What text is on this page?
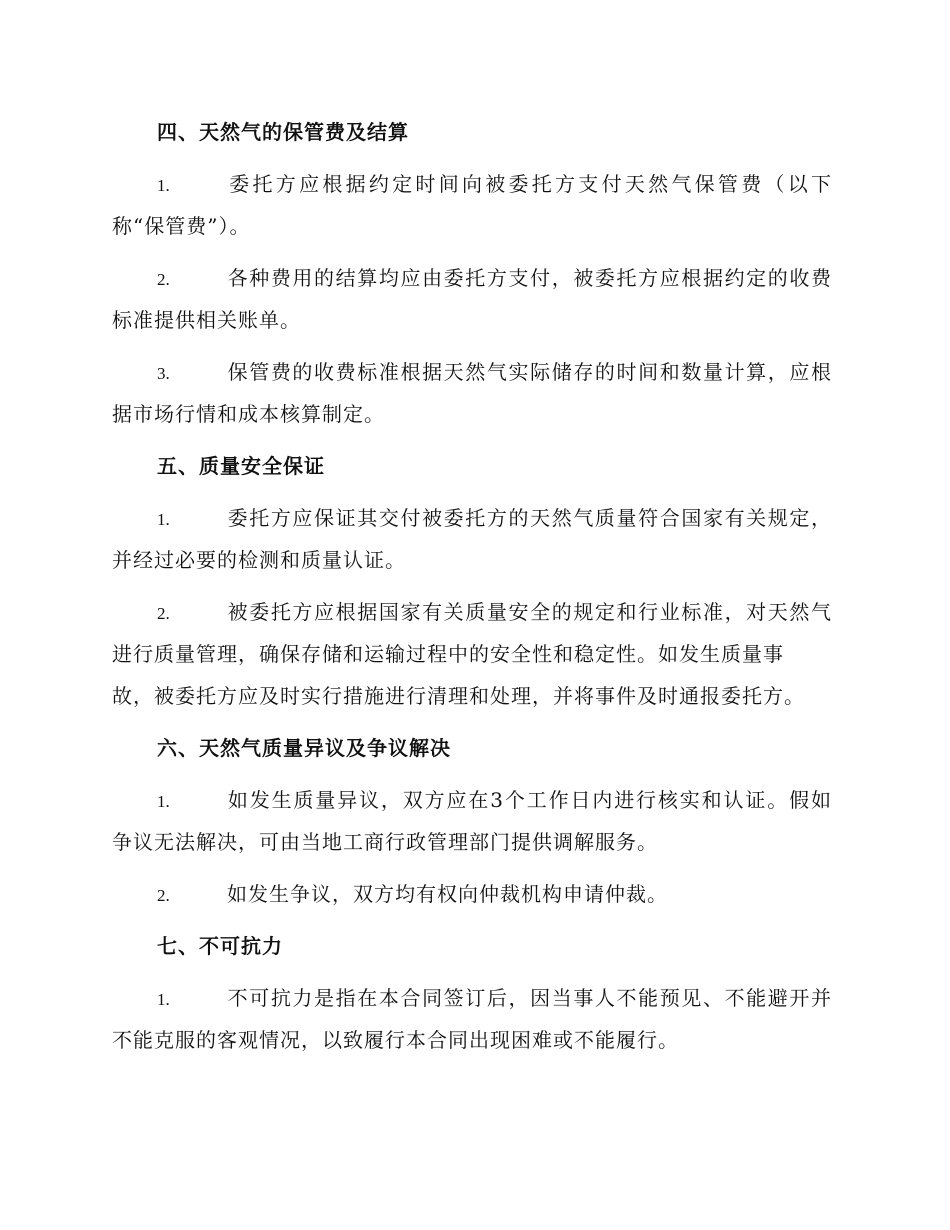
四、天然气的保管费及结算
1.	委托方应根据约定时间向被委托方支付天然气保管费（以下
称“保管费”）。
2.	各种费用的结算均应由委托方支付，被委托方应根据约定的收费
标准提供相关账单。
3.	保管费的收费标准根据天然气实际储存的时间和数量计算，应根
据市场行情和成本核算制定。
五、质量安全保证
1.	委托方应保证其交付被委托方的天然气质量符合国家有关规定，
并经过必要的检测和质量认证。
2.	被委托方应根据国家有关质量安全的规定和行业标准，对天然气
进行质量管理，确保存储和运输过程中的安全性和稳定性。如发生质量事
故，被委托方应及时实行措施进行清理和处理，并将事件及时通报委托方。
六、天然气质量异议及争议解决
1.	如发生质量异议，双方应在3个工作日内进行核实和认证。假如
争议无法解决，可由当地工商行政管理部门提供调解服务。
2.	如发生争议，双方均有权向仲裁机构申请仲裁。
七、不可抗力
1.	不可抗力是指在本合同签订后，因当事人不能预见、不能避开并
不能克服的客观情况，以致履行本合同出现困难或不能履行。
